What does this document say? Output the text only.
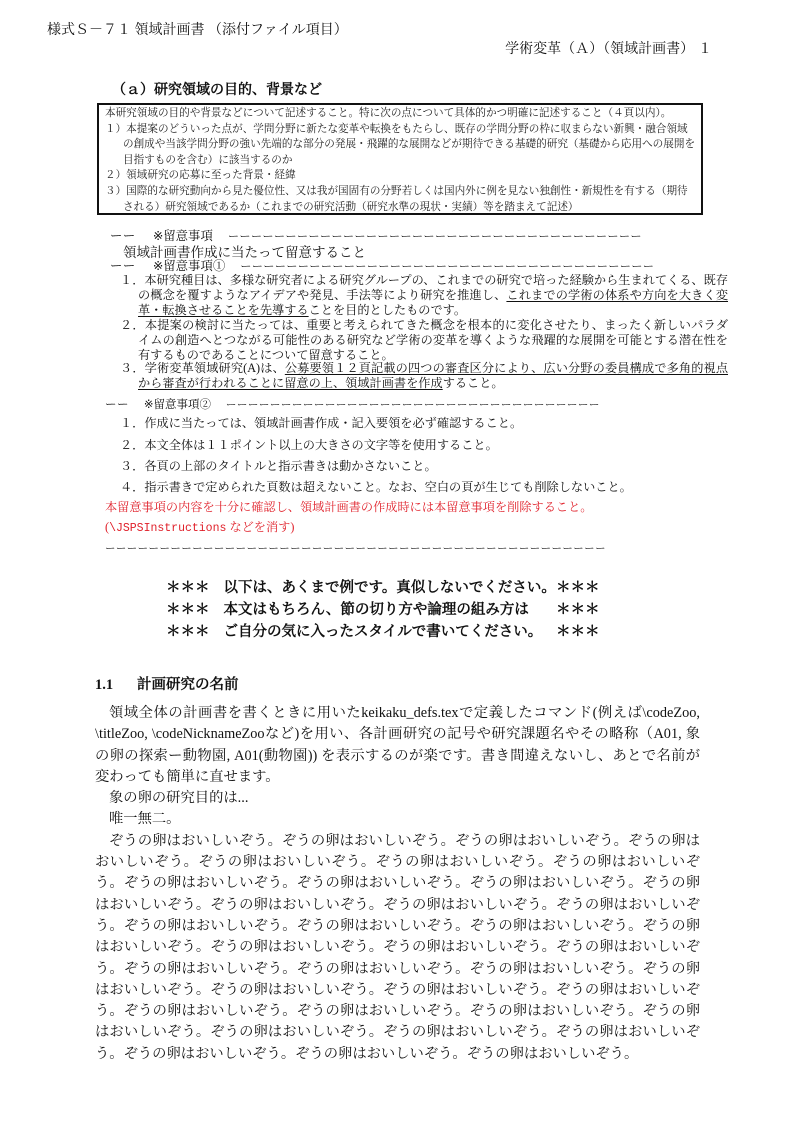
様式Ｓ－７１ 領域計画書 （添付ファイル項目）
学術変革（Ａ）（領域計画書） １
（ａ）研究領域の目的、背景など
本研究領域の目的や背景などについて記述すること。特に次の点について具体的かつ明確に記述すること（４頁以内）。
１）本提案のどういった点が、学問分野に新たな変革や転換をもたらし、既存の学問分野の枠に収まらない新興・融合領域
の創成や当該学問分野の強い先端的な部分の発展・飛躍的な展開などが期待できる基礎的研究（基礎から応用への展開を
目指すものを含む）に該当するのか
２）領域研究の応募に至った背景・経緯
３）国際的な研究動向から見た優位性、又は我が国固有の分野若しくは国内外に例を見ない独創性・新規性を有する（期待
される）研究領域であるか（これまでの研究活動（研究水準の現状・実績）等を踏まえて記述）
ーー ※留意事項 ーーーーーーーーーーーーーーーーーーーーーーーーーーーーーーーーーーーー
領域計画書作成に当たって留意すること
ーー ※留意事項① ーーーーーーーーーーーーーーーーーーーーーーーーーーーーーーーーーーーー
１．本研究種目は、多様な研究者による研究グループの、これまでの研究で培った経験から生まれてくる、既存の概念を覆すようなアイデアや発見、手法等により研究を推進し、これまでの学術の体系や方向を大きく変革・転換させることを先導することを目的としたものです。
２．本提案の検討に当たっては、重要と考えられてきた概念を根本的に変化させたり、まったく新しいパラダイムの創造へとつながる可能性のある研究など学術の変革を導くような飛躍的な展開を可能とする潜在性を有するものであることについて留意すること。
３．学術変革領域研究(A)は、公募要領１２頁記載の四つの審査区分により、広い分野の委員構成で多角的視点から審査が行われることに留意の上、領域計画書を作成すること。
ーー ※留意事項② ーーーーーーーーーーーーーーーーーーーーーーーーーーーーーーーーーー
１．作成に当たっては、領域計画書作成・記入要領を必ず確認すること。
２．本文全体は１１ポイント以上の大きさの文字等を使用すること。
３．各頁の上部のタイトルと指示書きは動かさないこと。
４．指示書きで定められた頁数は超えないこと。なお、空白の頁が生じても削除しないこと。
本留意事項の内容を十分に確認し、領域計画書の作成時には本留意事項を削除すること。
(\JSPSInstructions などを消す)
ーーーーーーーーーーーーーーーーーーーーーーーーーーーーーーーーーーーーーーーーーーーーーー
＊＊＊ 以下は、あくまで例です。真似しないでください。 ＊＊＊
＊＊＊ 本文はもちろん、節の切り方や論理の組み方は ＊＊＊
＊＊＊ ご自分の気に入ったスタイルで書いてください。 ＊＊＊
1.1 計画研究の名前

領域全体の計画書を書くときに用いたkeikaku_defs.texで定義したコマンド(例えば\codeZoo, \titleZoo, \codeNicknameZooなど)を用い、各計画研究の記号や研究課題名やその略称（A01, 象の卵の探索ー動物園, A01(動物園)) を表示するのが楽です。書き間違えないし、あとで名前が変わっても簡単に直せます。

象の卵の研究目的は...

唯一無二。

ぞうの卵はおいしいぞう。ぞうの卵はおいしいぞう。ぞうの卵はおいしいぞう。ぞうの卵はおいしいぞう。ぞうの卵はおいしいぞう。ぞうの卵はおいしいぞう。ぞうの卵はおいしいぞう。ぞうの卵はおいしいぞう。ぞうの卵はおいしいぞう。ぞうの卵はおいしいぞう。ぞうの卵はおいしいぞう。ぞうの卵はおいしいぞう。ぞうの卵はおいしいぞう。ぞうの卵はおいしいぞう。ぞうの卵はおいしいぞう。ぞうの卵はおいしいぞう。ぞうの卵はおいしいぞう。ぞうの卵はおいしいぞう。ぞうの卵はおいしいぞう。ぞうの卵はおいしいぞう。ぞうの卵はおいしいぞう。ぞうの卵はおいしいぞう。ぞうの卵はおいしいぞう。ぞうの卵はおいしいぞう。ぞうの卵はおいしいぞう。ぞうの卵はおいしいぞう。ぞうの卵はおいしいぞう。ぞうの卵はおいしいぞう。ぞうの卵はおいしいぞう。ぞうの卵はおいしいぞう。ぞうの卵はおいしいぞう。ぞうの卵はおいしいぞう。ぞうの卵はおいしいぞう。ぞうの卵はおいしいぞう。ぞうの卵はおいしいぞう。ぞうの卵はおいしいぞう。ぞうの卵はおいしいぞう。ぞうの卵はおいしいぞう。
